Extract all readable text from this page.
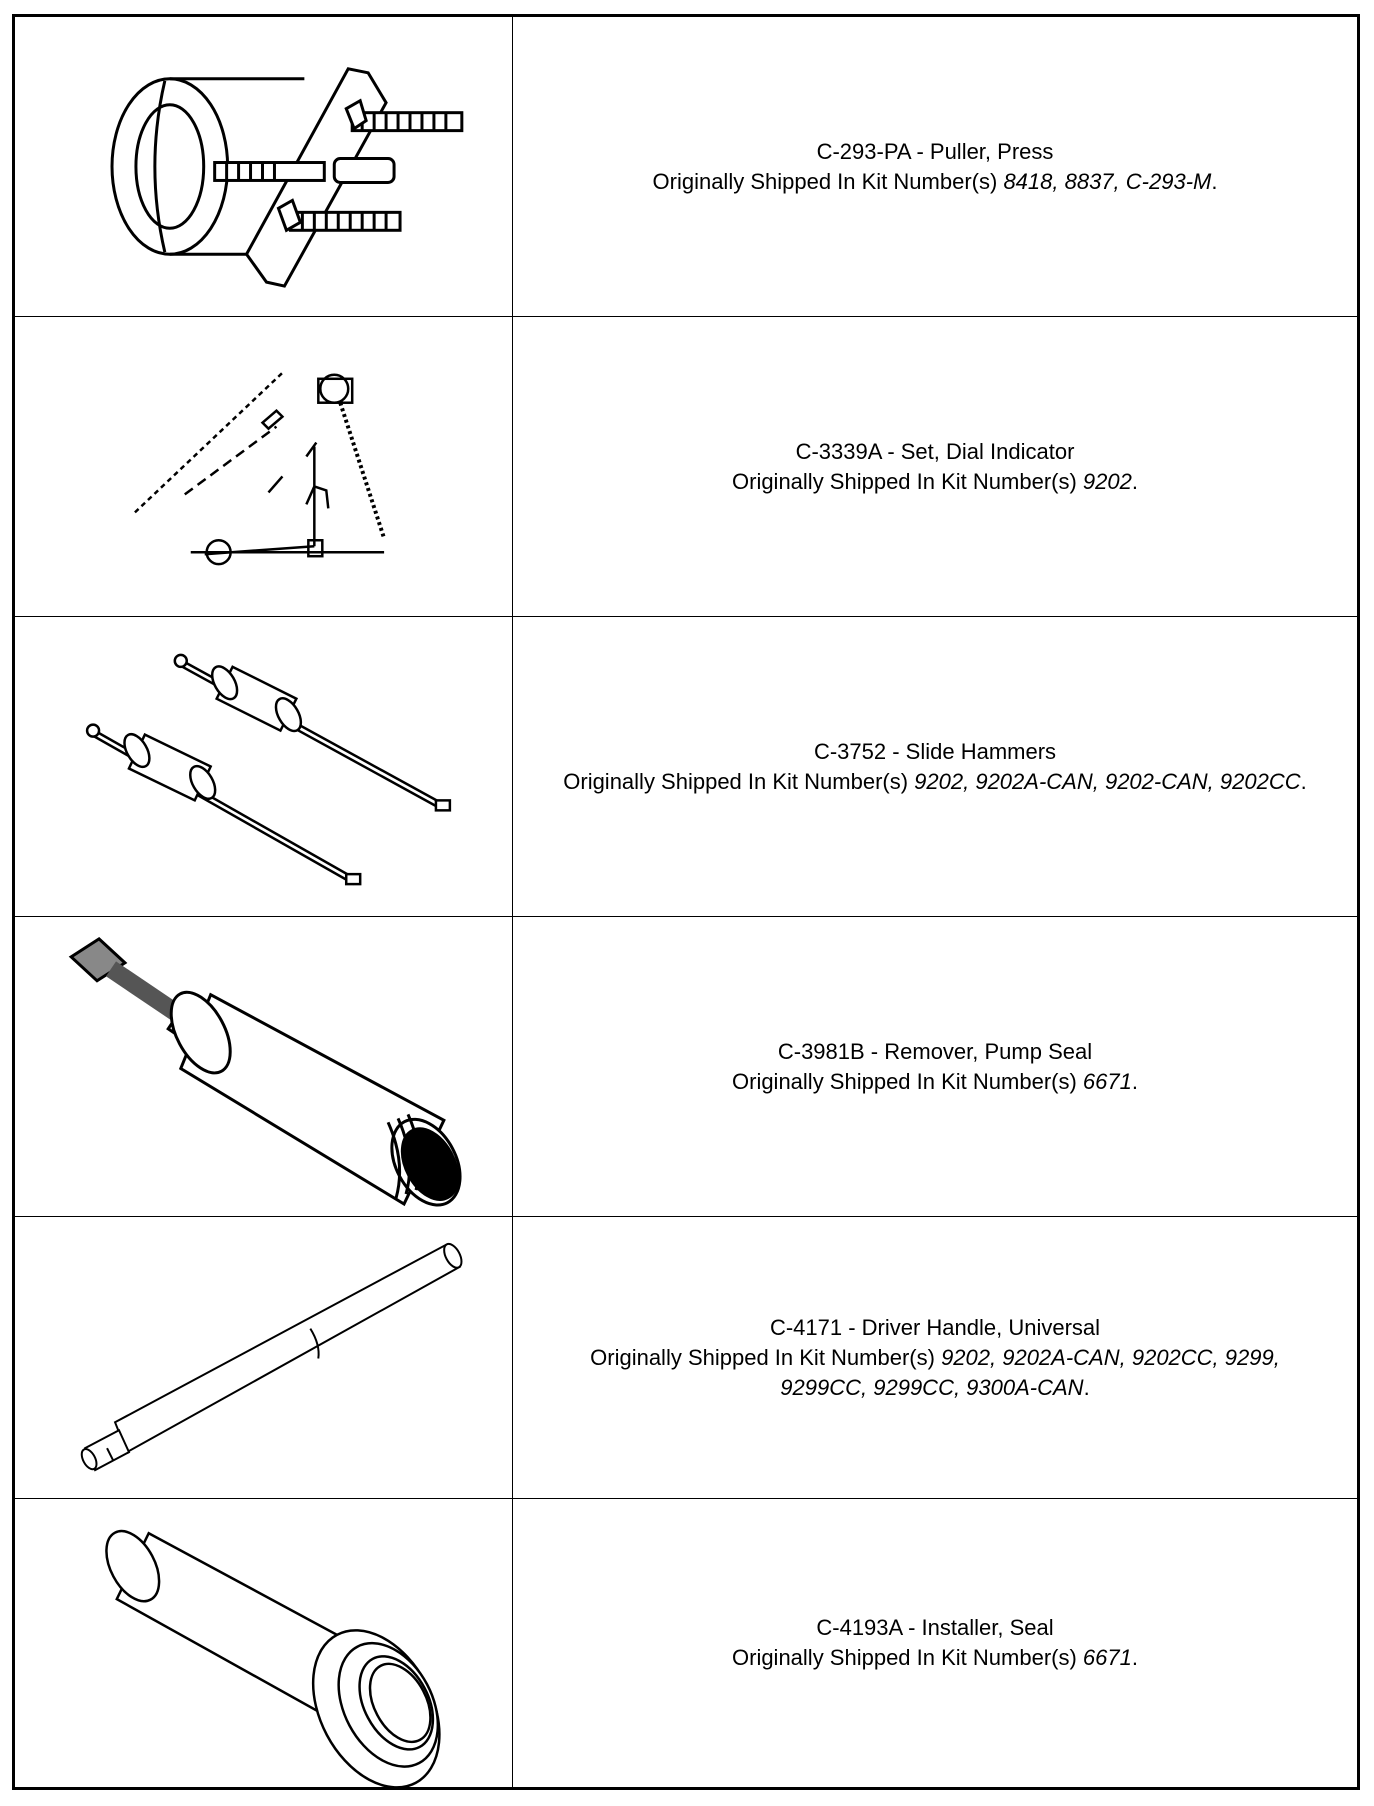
C-293-PA - Puller, Press
Originally Shipped In Kit Number(s) 8418, 8837, C-293-M.
C-3339A - Set, Dial Indicator
Originally Shipped In Kit Number(s) 9202.
C-3752 - Slide Hammers
Originally Shipped In Kit Number(s) 9202, 9202A-CAN, 9202-CAN, 9202CC.
C-3981B - Remover, Pump Seal
Originally Shipped In Kit Number(s) 6671.
C-4171 - Driver Handle, Universal
Originally Shipped In Kit Number(s) 9202, 9202A-CAN, 9202CC, 9299, 9299CC, 9299CC, 9300A-CAN.
C-4193A - Installer, Seal
Originally Shipped In Kit Number(s) 6671.
